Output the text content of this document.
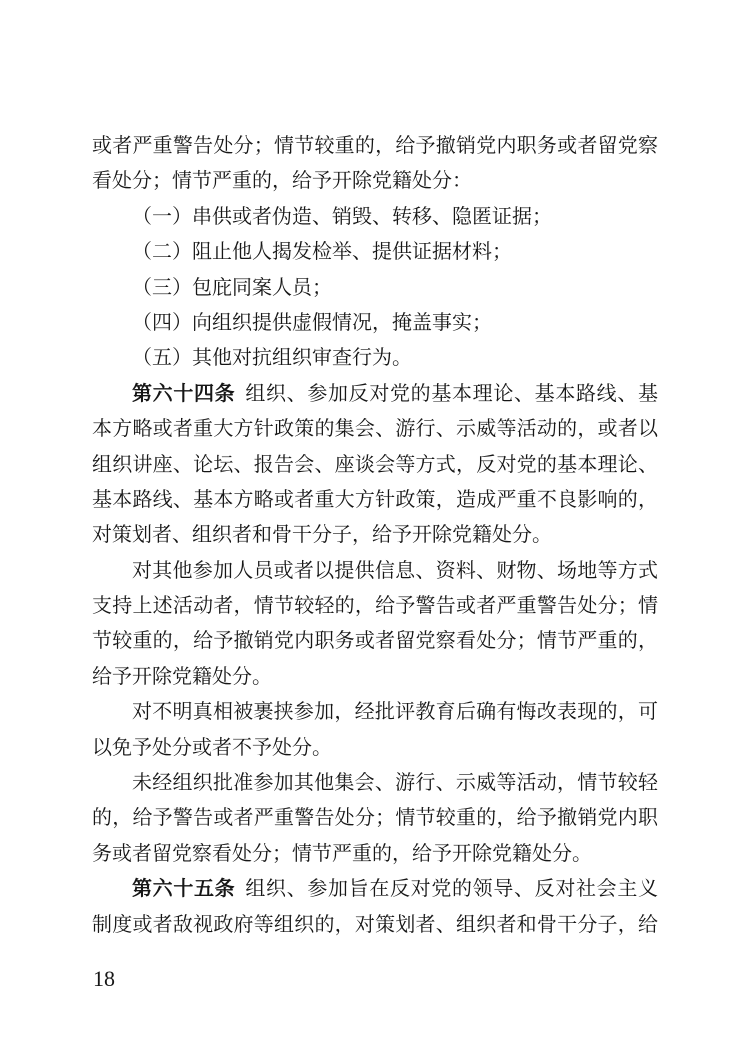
或者严重警告处分；情节较重的，给予撤销党内职务或者留党察
看处分；情节严重的，给予开除党籍处分：
（一）串供或者伪造、销毁、转移、隐匿证据；
（二）阻止他人揭发检举、提供证据材料；
（三）包庇同案人员；
（四）向组织提供虚假情况，掩盖事实；
（五）其他对抗组织审查行为。
第六十四条 组织、参加反对党的基本理论、基本路线、基
本方略或者重大方针政策的集会、游行、示威等活动的，或者以
组织讲座、论坛、报告会、座谈会等方式，反对党的基本理论、
基本路线、基本方略或者重大方针政策，造成严重不良影响的，
对策划者、组织者和骨干分子，给予开除党籍处分。
对其他参加人员或者以提供信息、资料、财物、场地等方式
支持上述活动者，情节较轻的，给予警告或者严重警告处分；情
节较重的，给予撤销党内职务或者留党察看处分；情节严重的，
给予开除党籍处分。
对不明真相被裹挟参加，经批评教育后确有悔改表现的，可
以免予处分或者不予处分。
未经组织批准参加其他集会、游行、示威等活动，情节较轻
的，给予警告或者严重警告处分；情节较重的，给予撤销党内职
务或者留党察看处分；情节严重的，给予开除党籍处分。
第六十五条 组织、参加旨在反对党的领导、反对社会主义
制度或者敌视政府等组织的，对策划者、组织者和骨干分子，给
18
